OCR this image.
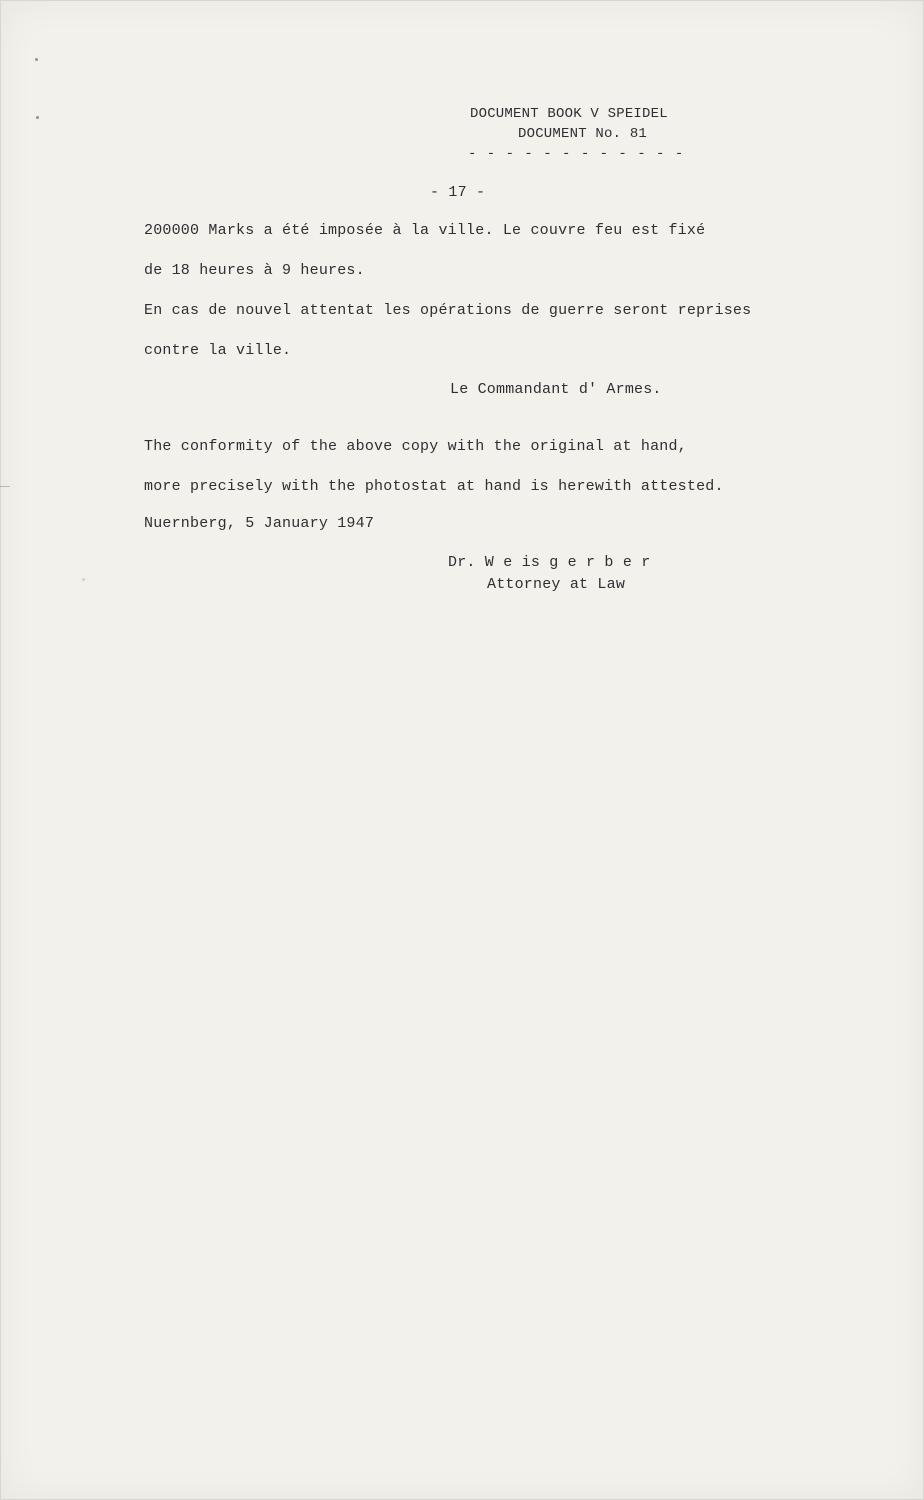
DOCUMENT BOOK V SPEIDEL
DOCUMENT No. 81
- - - - - - - - - - - -
- 17 -
200000 Marks a été imposée à la ville. Le couvre feu est fixé
de 18 heures à 9 heures.
En cas de nouvel attentat les opérations de guerre seront reprises
contre la ville.
Le Commandant d' Armes.
The conformity of the above copy with the original at hand,
more precisely with the photostat at hand is herewith attested.
Nuernberg, 5 January 1947
Dr. W e is g e r b e r
Attorney at Law
